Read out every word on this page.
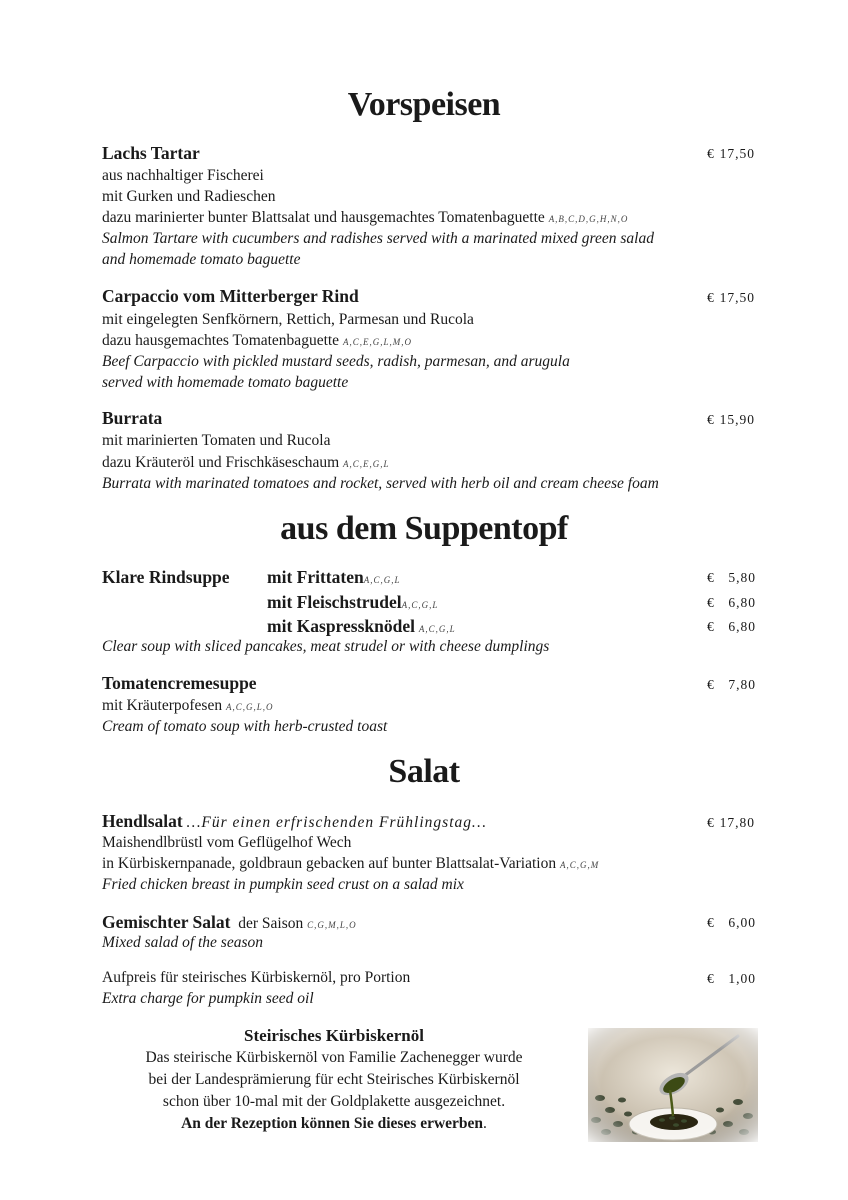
Vorspeisen
Lachs Tartar	€ 17,50
aus nachhaltiger Fischerei
mit Gurken und Radieschen
dazu marinierter bunter Blattsalat und hausgemachtes Tomatenbaguette A,B,C,D,G,H,N,O
Salmon Tartare with cucumbers and radishes served with a marinated mixed green salad
and homemade tomato baguette
Carpaccio vom Mitterberger Rind	€ 17,50
mit eingelegten Senfkörnern, Rettich, Parmesan und Rucola
dazu hausgemachtes Tomatenbaguette A,C,E,G,L,M,O
Beef Carpaccio with pickled mustard seeds, radish, parmesan, and arugula
served with homemade tomato baguette
Burrata	€ 15,90
mit marinierten Tomaten und Rucola
dazu Kräuteröl und Frischkäseschaum A,C,E,G,L
Burrata with marinated tomatoes and rocket, served with herb oil and cream cheese foam
aus dem Suppentopf
Klare Rindsuppe mit FrittatenA,C,G,L	€ 5,80
mit FleischstrudelA,C,G,L	€ 6,80
mit Kaspressknödel A,C,G,L	€ 6,80
Clear soup with sliced pancakes, meat strudel or with cheese dumplings
Tomatencremesuppe	€ 7,80
mit Kräuterpofesen A,C,G,L,O
Cream of tomato soup with herb-crusted toast
Salat
Hendlsalat …Für einen erfrischenden Frühlingstag…	€ 17,80
Maishendlbrüstl vom Geflügelhof Wech
in Kürbiskernpanade, goldbraun gebacken auf bunter Blattsalat-Variation A,C,G,M
Fried chicken breast in pumpkin seed crust on a salad mix
Gemischter Salat der Saison C,G,M,L,O	€ 6,00
Mixed salad of the season
Aufpreis für steirisches Kürbiskernöl, pro Portion	€ 1,00
Extra charge for pumpkin seed oil
Steirisches Kürbiskernöl
Das steirische Kürbiskernöl von Familie Zachenegger wurde
bei der Landesprämierung für echt Steirisches Kürbiskernöl
schon über 10-mal mit der Goldplakette ausgezeichnet.
An der Rezeption können Sie dieses erwerben.
